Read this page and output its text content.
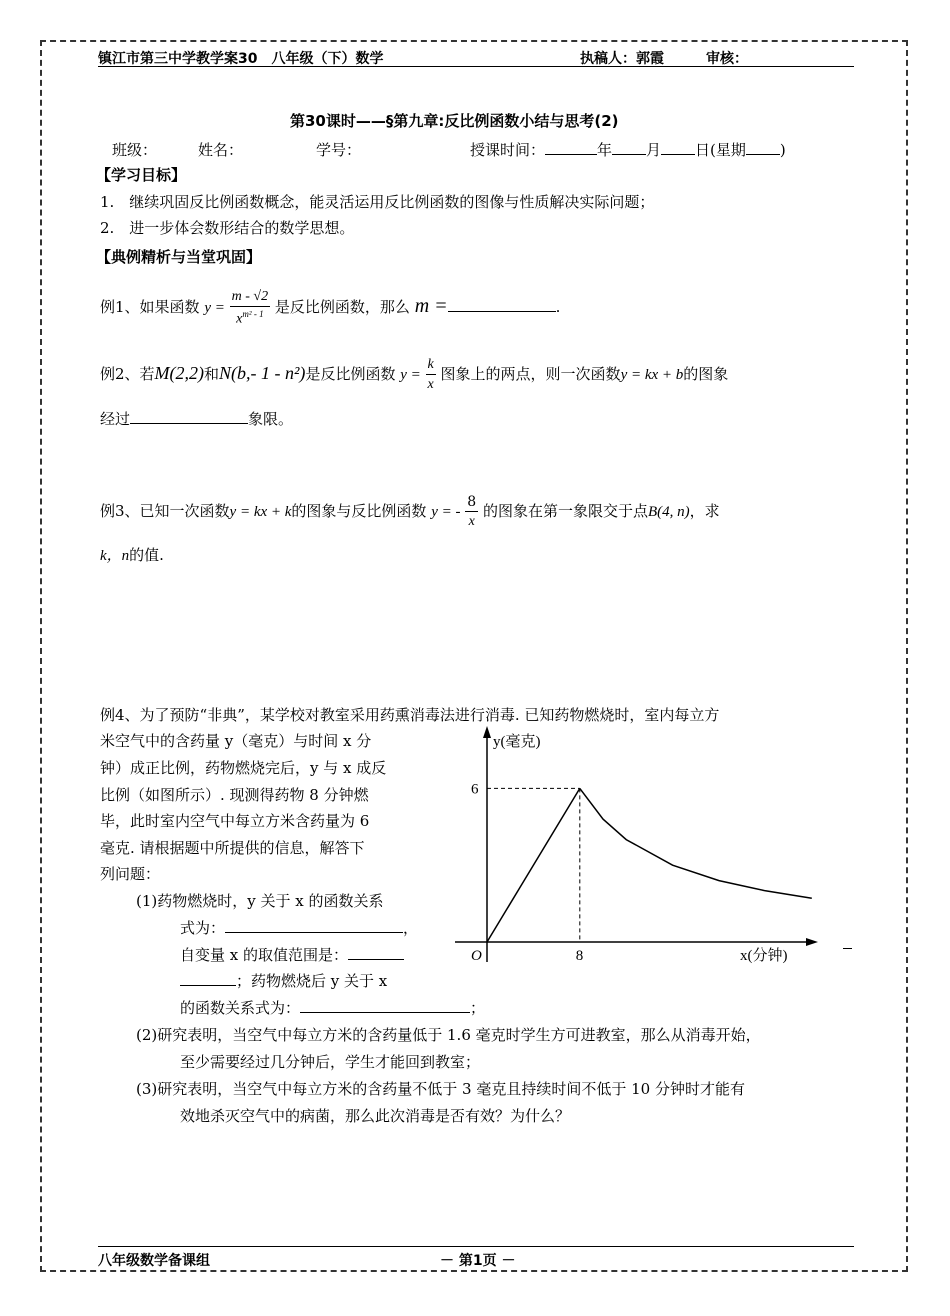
镇江市第三中学教学案30　八年级（下）数学	执稿人：郭霞	审核：
第30课时——§第九章:反比例函数小结与思考(2)
班级：	姓名：	学号：	授课时间：	年 月 日(星期 )
【学习目标】
1.　继续巩固反比例函数概念，能灵活运用反比例函数的图像与性质解决实际问题；
2.　进一步体会数形结合的数学思想。
【典例精析与当堂巩固】
例1、如果函数 $y = \frac{m - √2}{x^{m^2 - 1}}$ 是反比例函数，那么 m =	.
例2、若M(2,2)和N(b,- 1 - n²)是反比例函数 $y = \frac{k}{x}$ 图象上的两点，则一次函数y = kx + b的图象
经过	象限。
例3、已知一次函数y = kx + k的图象与反比例函数 y = - $\frac{8}{x}$ 的图象在第一象限交于点B(4, n)，求
k，n的值.
例4、为了预防“非典”，某学校对教室采用药熏消毒法进行消毒. 已知药物燃烧时，室内每立方
米空气中的含药量 y（毫克）与时间 x 分
钟）成正比例，药物燃烧完后，y 与 x 成反
比例（如图所示）. 现测得药物 8 分钟燃
毕，此时室内空气中每立方米含药量为 6
毫克. 请根据题中所提供的信息，解答下
列问题：
(1)药物燃烧时，y 关于 x 的函数关系
式为：	，
自变量 x 的取值范围是：
；药物燃烧后 y 关于 x
的函数关系式为：	；
(2)研究表明，当空气中每立方米的含药量低于 1.6 毫克时学生方可进教室，那么从消毒开始，
至少需要经过几分钟后，学生才能回到教室；
(3)研究表明，当空气中每立方米的含药量不低于 3 毫克且持续时间不低于 10 分钟时才能有
效地杀灭空气中的病菌，那么此次消毒是否有效？为什么？
y(毫克)
x(分钟)
O
6
8
八年级数学备课组	－ 第1页 －
